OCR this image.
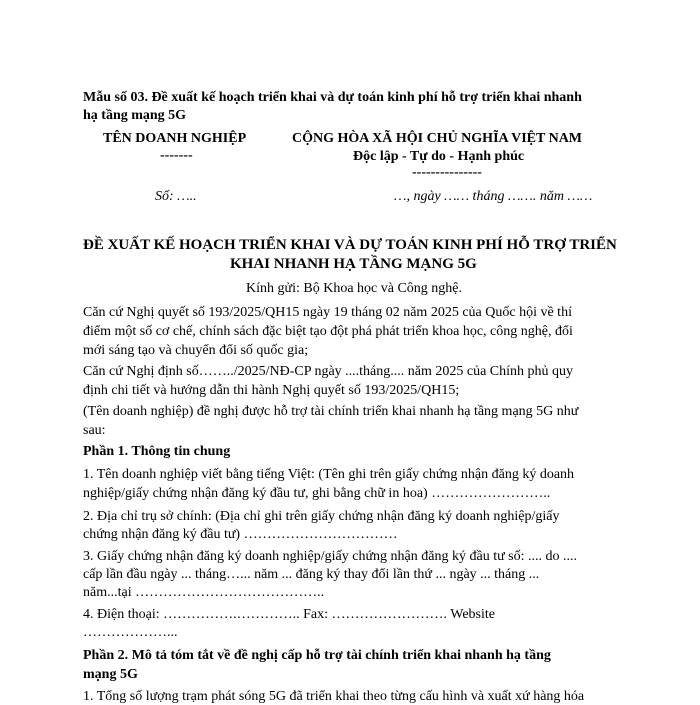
Mẫu số 03. Đề xuất kế hoạch triển khai và dự toán kinh phí hỗ trợ triển khai nhanh
hạ tầng mạng 5G
TÊN DOANH NGHIỆP
-------
CỘNG HÒA XÃ HỘI CHỦ NGHĨA VIỆT NAM
Độc lập - Tự do - Hạnh phúc
---------------
Số: …..	…, ngày …… tháng ……. năm ……
ĐỀ XUẤT KẾ HOẠCH TRIỂN KHAI VÀ DỰ TOÁN KINH PHÍ HỖ TRỢ TRIỂN
KHAI NHANH HẠ TẦNG MẠNG 5G
Kính gửi: Bộ Khoa học và Công nghệ.
Căn cứ Nghị quyết số 193/2025/QH15 ngày 19 tháng 02 năm 2025 của Quốc hội về thí
điểm một số cơ chế, chính sách đặc biệt tạo đột phá phát triển khoa học, công nghệ, đổi
mới sáng tạo và chuyển đổi số quốc gia;
Căn cứ Nghị định số……../2025/NĐ-CP ngày ....tháng.... năm 2025 của Chính phủ quy
định chi tiết và hướng dẫn thi hành Nghị quyết số 193/2025/QH15;
(Tên doanh nghiệp) đề nghị được hỗ trợ tài chính triển khai nhanh hạ tầng mạng 5G như
sau:
Phần 1. Thông tin chung
1. Tên doanh nghiệp viết bằng tiếng Việt: (Tên ghi trên giấy chứng nhận đăng ký doanh
nghiệp/giấy chứng nhận đăng ký đầu tư, ghi bằng chữ in hoa) ……………………..
2. Địa chỉ trụ sở chính: (Địa chỉ ghi trên giấy chứng nhận đăng ký doanh nghiệp/giấy
chứng nhận đăng ký đầu tư) ……………………………
3. Giấy chứng nhận đăng ký doanh nghiệp/giấy chứng nhận đăng ký đầu tư số: .... do ....
cấp lần đầu ngày ... tháng…... năm ... đăng ký thay đổi lần thứ ... ngày ... tháng ...
năm...tại …………………………………..
4. Điện thoại: …………….………….. Fax: ……………………. Website
………………...
Phần 2. Mô tả tóm tắt về đề nghị cấp hỗ trợ tài chính triển khai nhanh hạ tầng
mạng 5G
1. Tổng số lượng trạm phát sóng 5G đã triển khai theo từng cấu hình và xuất xứ hàng hóa
